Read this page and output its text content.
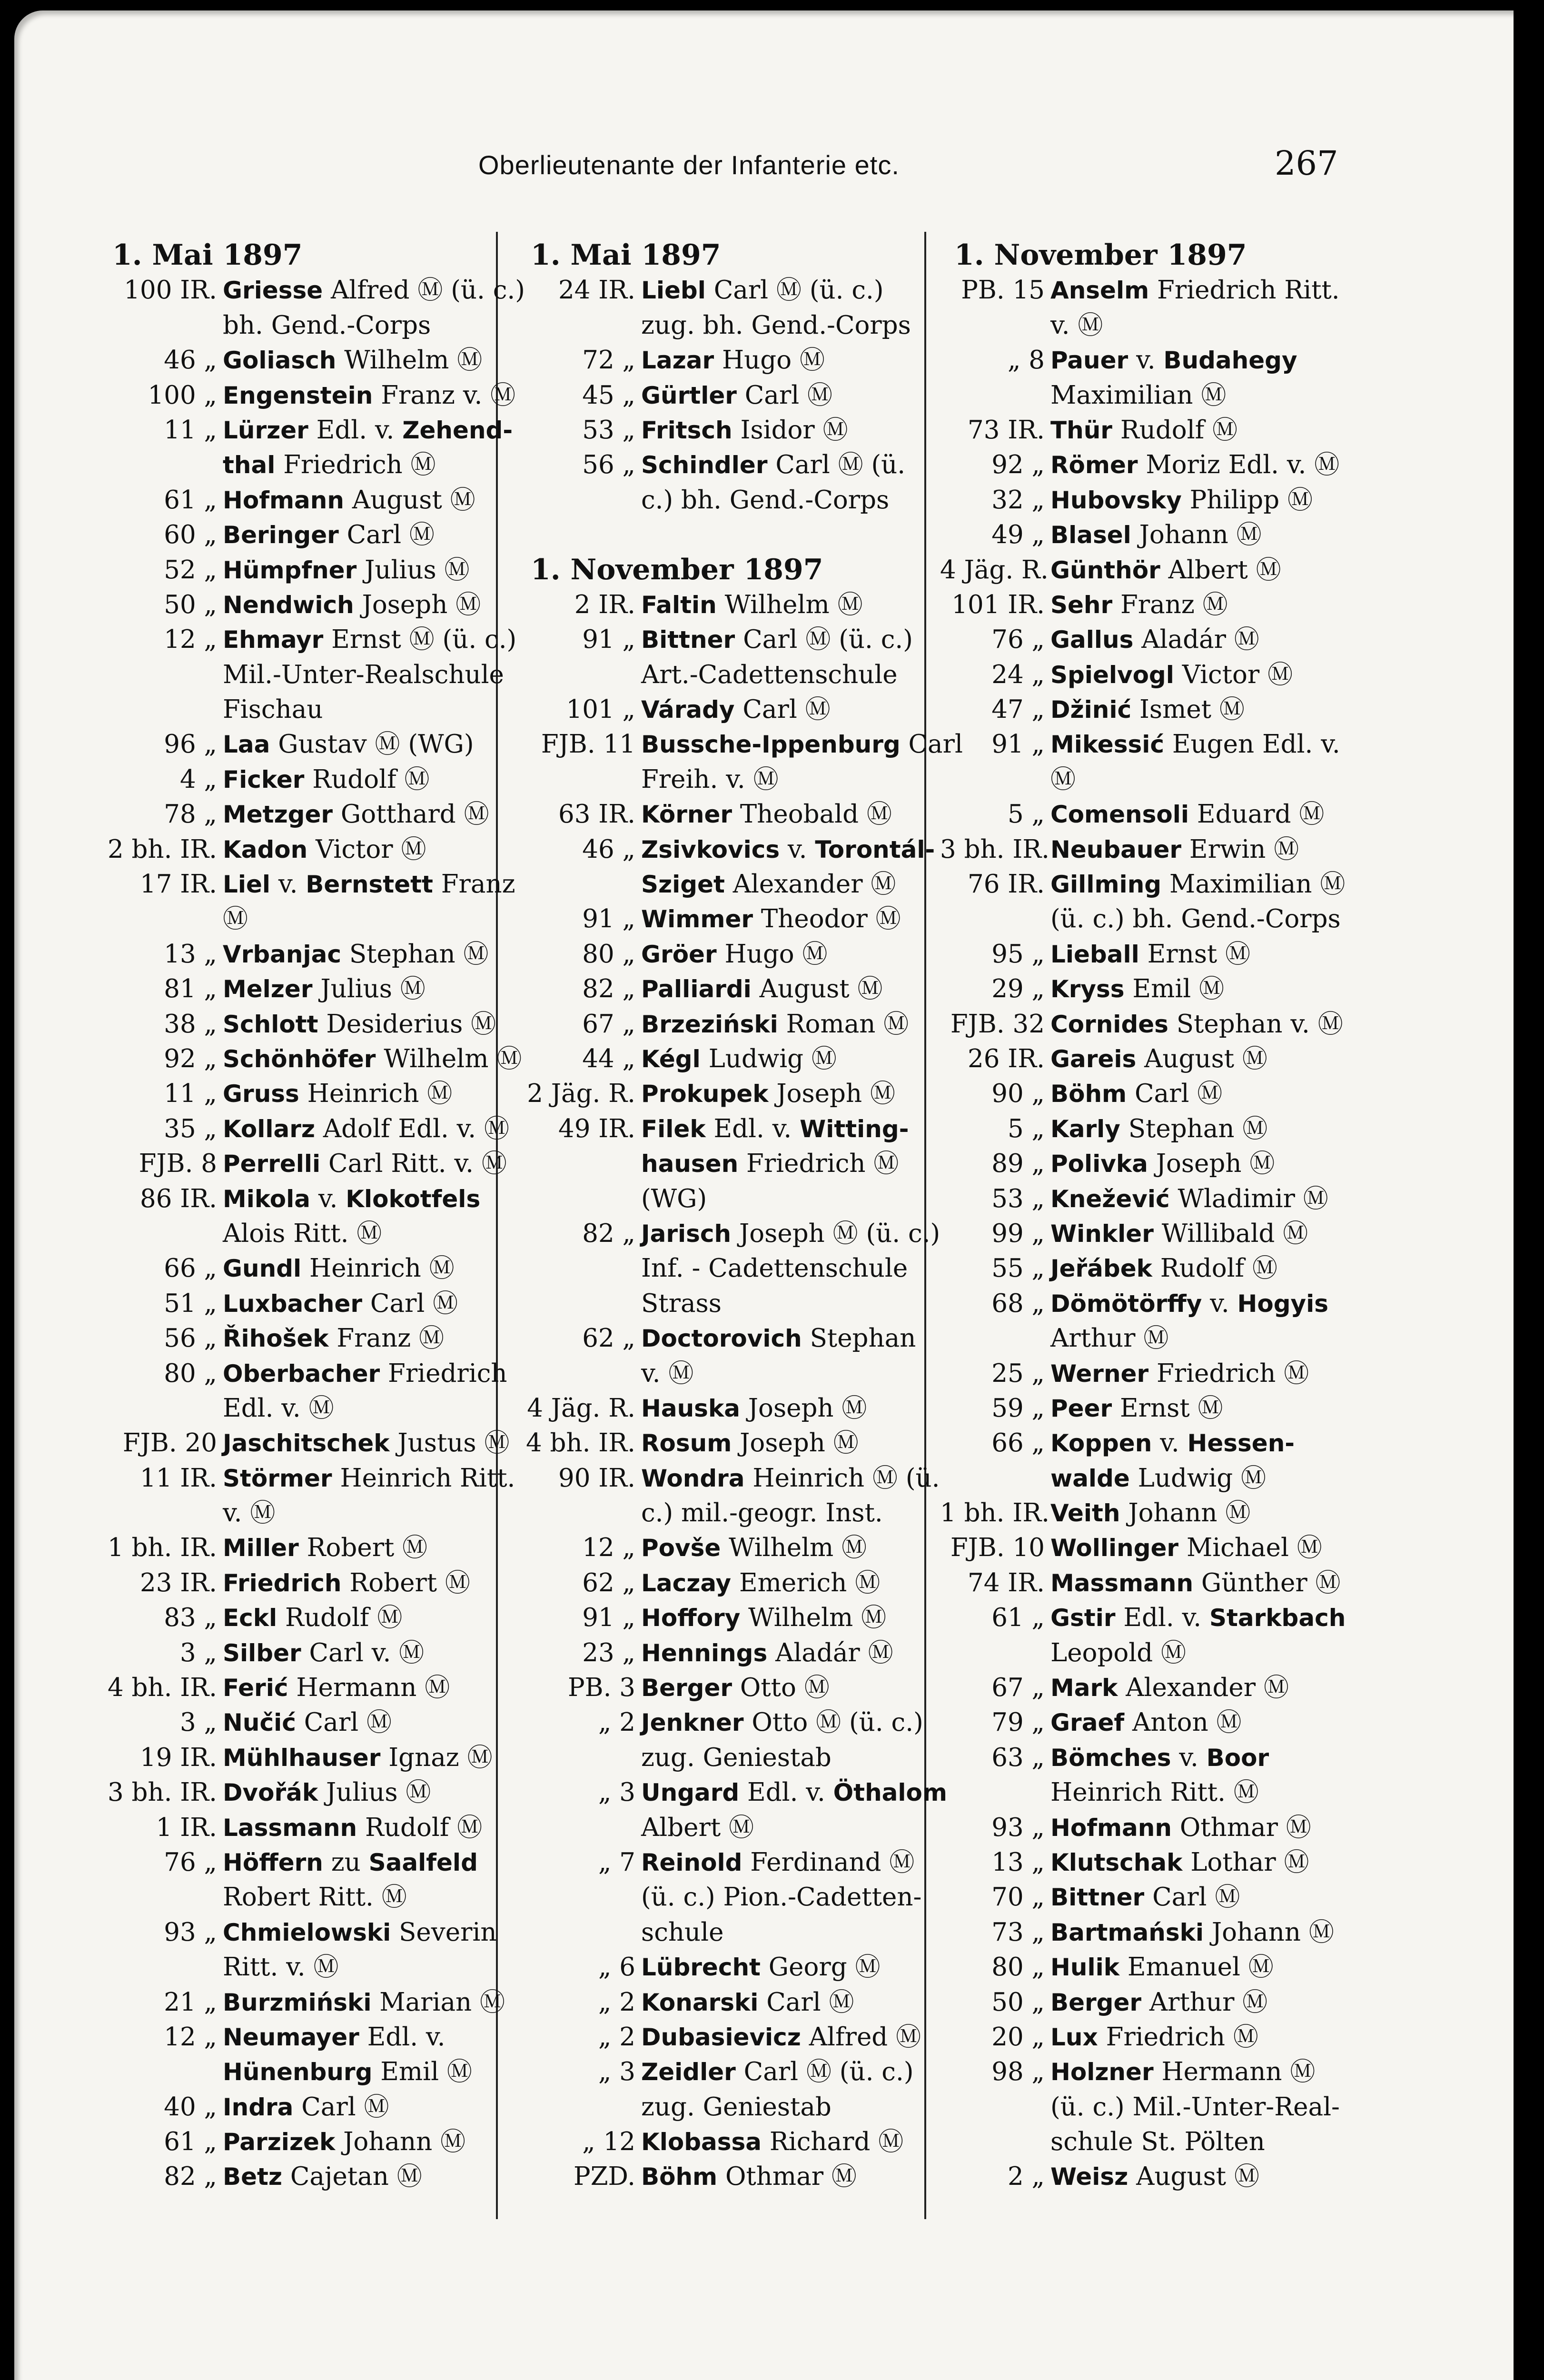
Oberlieutenante der Infanterie etc.	267
1. Mai 1897
100 IR. Griesse Alfred Ⓜ (ü. c.)
bh. Gend.-Corps
46 „ Goliasch Wilhelm Ⓜ
100 „ Engenstein Franz v. Ⓜ
11 „ Lürzer Edl. v. Zehend-
thal Friedrich Ⓜ
61 „ Hofmann August Ⓜ
60 „ Beringer Carl Ⓜ
52 „ Hümpfner Julius Ⓜ
50 „ Nendwich Joseph Ⓜ
12 „ Ehmayr Ernst Ⓜ (ü. c.)
Mil.-Unter-Realschule
Fischau
96 „ Laa Gustav Ⓜ (WG)
4 „ Ficker Rudolf Ⓜ
78 „ Metzger Gotthard Ⓜ
2 bh. IR. Kadon Victor Ⓜ
17 IR. Liel v. Bernstett Franz
Ⓜ
13 „ Vrbanjac Stephan Ⓜ
81 „ Melzer Julius Ⓜ
38 „ Schlott Desiderius Ⓜ
92 „ Schönhöfer Wilhelm Ⓜ
11 „ Gruss Heinrich Ⓜ
35 „ Kollarz Adolf Edl. v. Ⓜ
FJB. 8 Perrelli Carl Ritt. v. Ⓜ
86 IR. Mikola v. Klokotfels
Alois Ritt. Ⓜ
66 „ Gundl Heinrich Ⓜ
51 „ Luxbacher Carl Ⓜ
56 „ Řihošek Franz Ⓜ
80 „ Oberbacher Friedrich
Edl. v. Ⓜ
FJB. 20 Jaschitschek Justus Ⓜ
11 IR. Störmer Heinrich Ritt.
v. Ⓜ
1 bh. IR. Miller Robert Ⓜ
23 IR. Friedrich Robert Ⓜ
83 „ Eckl Rudolf Ⓜ
3 „ Silber Carl v. Ⓜ
4 bh. IR. Ferić Hermann Ⓜ
3 „ Nučić Carl Ⓜ
19 IR. Mühlhauser Ignaz Ⓜ
3 bh. IR. Dvořák Julius Ⓜ
1 IR. Lassmann Rudolf Ⓜ
76 „ Höffern zu Saalfeld
Robert Ritt. Ⓜ
93 „ Chmielowski Severin
Ritt. v. Ⓜ
21 „ Burzmiński Marian Ⓜ
12 „ Neumayer Edl. v.
Hünenburg Emil Ⓜ
40 „ Indra Carl Ⓜ
61 „ Parzizek Johann Ⓜ
82 „ Betz Cajetan Ⓜ
1. Mai 1897
24 IR. Liebl Carl Ⓜ (ü. c.)
zug. bh. Gend.-Corps
72 „ Lazar Hugo Ⓜ
45 „ Gürtler Carl Ⓜ
53 „ Fritsch Isidor Ⓜ
56 „ Schindler Carl Ⓜ (ü.
c.) bh. Gend.-Corps
1. November 1897
2 IR. Faltin Wilhelm Ⓜ
91 „ Bittner Carl Ⓜ (ü. c.)
Art.-Cadettenschule
101 „ Várady Carl Ⓜ
FJB. 11 Bussche-Ippenburg Carl
Freih. v. Ⓜ
63 IR. Körner Theobald Ⓜ
46 „ Zsivkovics v. Torontál-
Sziget Alexander Ⓜ
91 „ Wimmer Theodor Ⓜ
80 „ Gröer Hugo Ⓜ
82 „ Palliardi August Ⓜ
67 „ Brzeziński Roman Ⓜ
44 „ Kégl Ludwig Ⓜ
2 Jäg. R. Prokupek Joseph Ⓜ
49 IR. Filek Edl. v. Witting-
hausen Friedrich Ⓜ
(WG)
82 „ Jarisch Joseph Ⓜ (ü. c.)
Inf. - Cadettenschule
Strass
62 „ Doctorovich Stephan
v. Ⓜ
4 Jäg. R. Hauska Joseph Ⓜ
4 bh. IR. Rosum Joseph Ⓜ
90 IR. Wondra Heinrich Ⓜ (ü.
c.) mil.-geogr. Inst.
12 „ Povše Wilhelm Ⓜ
62 „ Laczay Emerich Ⓜ
91 „ Hoffory Wilhelm Ⓜ
23 „ Hennings Aladár Ⓜ
PB. 3 Berger Otto Ⓜ
„ 2 Jenkner Otto Ⓜ (ü. c.)
zug. Geniestab
„ 3 Ungard Edl. v. Öthalom
Albert Ⓜ
„ 7 Reinold Ferdinand Ⓜ
(ü. c.) Pion.-Cadetten-
schule
„ 6 Lübrecht Georg Ⓜ
„ 2 Konarski Carl Ⓜ
„ 2 Dubasievicz Alfred Ⓜ
„ 3 Zeidler Carl Ⓜ (ü. c.)
zug. Geniestab
„ 12 Klobassa Richard Ⓜ
PZD. Böhm Othmar Ⓜ
1. November 1897
PB. 15 Anselm Friedrich Ritt.
v. Ⓜ
„ 8 Pauer v. Budahegy
Maximilian Ⓜ
73 IR. Thür Rudolf Ⓜ
92 „ Römer Moriz Edl. v. Ⓜ
32 „ Hubovsky Philipp Ⓜ
49 „ Blasel Johann Ⓜ
4 Jäg. R. Günthör Albert Ⓜ
101 IR. Sehr Franz Ⓜ
76 „ Gallus Aladár Ⓜ
24 „ Spielvogl Victor Ⓜ
47 „ Džinić Ismet Ⓜ
91 „ Mikessić Eugen Edl. v.
Ⓜ
5 „ Comensoli Eduard Ⓜ
3 bh. IR. Neubauer Erwin Ⓜ
76 IR. Gillming Maximilian Ⓜ
(ü. c.) bh. Gend.-Corps
95 „ Lieball Ernst Ⓜ
29 „ Kryss Emil Ⓜ
FJB. 32 Cornides Stephan v. Ⓜ
26 IR. Gareis August Ⓜ
90 „ Böhm Carl Ⓜ
5 „ Karly Stephan Ⓜ
89 „ Polivka Joseph Ⓜ
53 „ Knežević Wladimir Ⓜ
99 „ Winkler Willibald Ⓜ
55 „ Jeřábek Rudolf Ⓜ
68 „ Dömötörffy v. Hogyis
Arthur Ⓜ
25 „ Werner Friedrich Ⓜ
59 „ Peer Ernst Ⓜ
66 „ Koppen v. Hessen-
walde Ludwig Ⓜ
1 bh. IR. Veith Johann Ⓜ
FJB. 10 Wollinger Michael Ⓜ
74 IR. Massmann Günther Ⓜ
61 „ Gstir Edl. v. Starkbach
Leopold Ⓜ
67 „ Mark Alexander Ⓜ
79 „ Graef Anton Ⓜ
63 „ Bömches v. Boor
Heinrich Ritt. Ⓜ
93 „ Hofmann Othmar Ⓜ
13 „ Klutschak Lothar Ⓜ
70 „ Bittner Carl Ⓜ
73 „ Bartmański Johann Ⓜ
80 „ Hulik Emanuel Ⓜ
50 „ Berger Arthur Ⓜ
20 „ Lux Friedrich Ⓜ
98 „ Holzner Hermann Ⓜ
(ü. c.) Mil.-Unter-Real-
schule St. Pölten
2 „ Weisz August Ⓜ
